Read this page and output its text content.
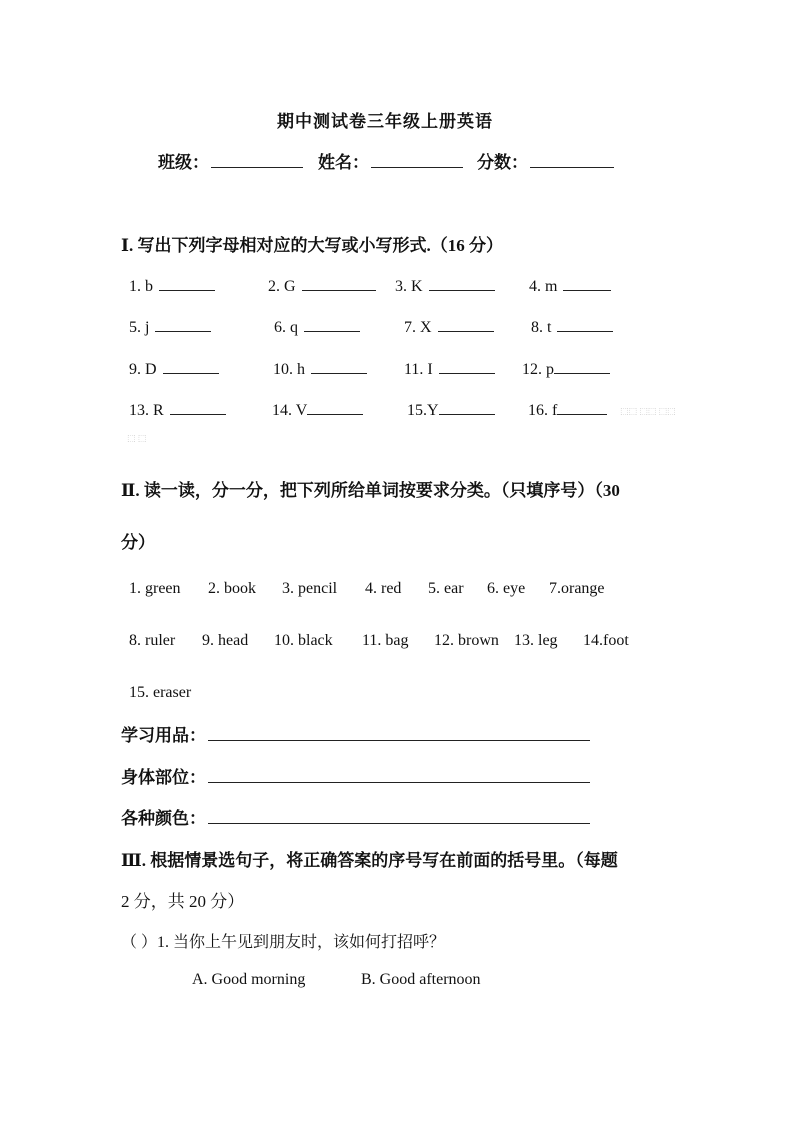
期中测试卷三年级上册英语
班级：	姓名：	分数：
Ⅰ. 写出下列字母相对应的大写或小写形式.（16 分）
1. b	2. G	3. K	4. m
5. j	6. q	7. X	8. t
9. D	10. h	11. I	12. p
13. R	14. V	15.Y	16. f	⬚⬚ ⬚⬚ ⬚⬚
⬚ ⬚
Ⅱ. 读一读，分一分，把下列所给单词按要求分类。（只填序号）（30
分）
1. green 2. book 3. pencil 4. red 5. ear 6. eye 7.orange
8. ruler 9. head 10. black 11. bag 12. brown 13. leg 14.foot
15. eraser
学习用品：
身体部位：
各种颜色：
Ⅲ. 根据情景选句子，将正确答案的序号写在前面的括号里。（每题
2 分，共 20 分）
（ ）1. 当你上午见到朋友时，该如何打招呼？
A. Good morning	B. Good afternoon
